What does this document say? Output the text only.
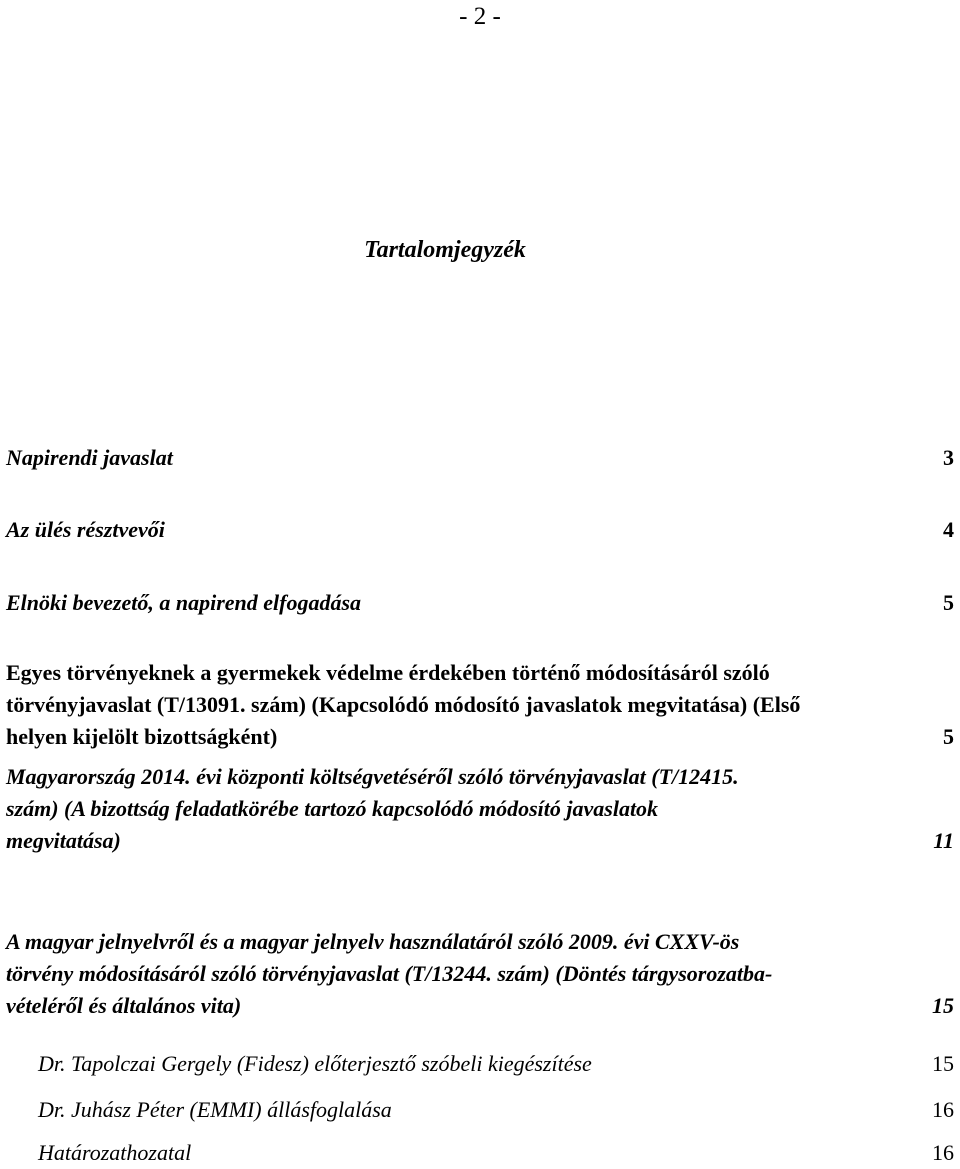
- 2 -
Tartalomjegyzék
Napirendi javaslat	3
Az ülés résztvevői	4
Elnöki bevezető, a napirend elfogadása	5
Egyes törvényeknek a gyermekek védelme érdekében történő módosításáról szóló
törvényjavaslat (T/13091. szám) (Kapcsolódó módosító javaslatok megvitatása) (Első
helyen kijelölt bizottságként)	5
Magyarország 2014. évi központi költségvetéséről szóló törvényjavaslat (T/12415.
szám) (A bizottság feladatkörébe tartozó kapcsolódó módosító javaslatok
megvitatása)	11
A magyar jelnyelvről és a magyar jelnyelv használatáról szóló 2009. évi CXXV-ös
törvény módosításáról szóló törvényjavaslat (T/13244. szám) (Döntés tárgysorozatba-
vételéről és általános vita)	15
Dr. Tapolczai Gergely (Fidesz) előterjesztő szóbeli kiegészítése	15
Dr. Juhász Péter (EMMI) állásfoglalása	16
Határozathozatal	16
